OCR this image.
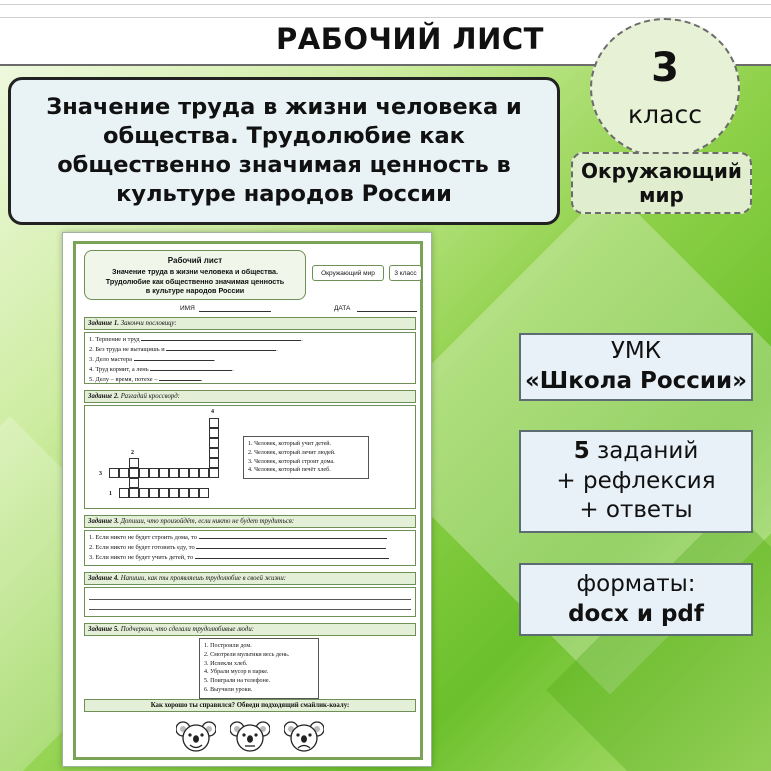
РАБОЧИЙ ЛИСТ
3
класс
Окружающий мир
Значение труда в жизни человека и общества. Трудолюбие как общественно значимая ценность в культуре народов России
УМК
«Школа России»
5 заданий
+ рефлексия
+ ответы
форматы:
docx и pdf
Рабочий лист
Значение труда в жизни человека и общества.
Трудолюбие как общественно значимая ценность
в культуре народов России
Окружающий мир	3 класс
ИМЯ	ДАТА
Задание 1. Закончи пословицу:
1. Терпение и труд	.
2. Без труда не вытащишь и	.
3. Дело мастера	.
4. Труд кормит, а лень	.
5. Делу – время, потехе –	.
Задание 2. Разгадай кроссворд:
4
2
3
1
1. Человек, который учит детей.
2. Человек, который лечит людей.
3. Человек, который строит дома.
4. Человек, который печёт хлеб.
Задание 3. Допиши, что произойдёт, если никто не будет трудиться:
1. Если никто не будет строить дома, то
2. Если никто не будет готовить еду, то
3. Если никто не будет учить детей, то
Задание 4. Напиши, как ты проявляешь трудолюбие в своей жизни:
Задание 5. Подчеркни, что сделали трудолюбивые люди:
1. Построили дом.
2. Смотрели мультики весь день.
3. Испекли хлеб.
4. Убрали мусор в парке.
5. Поиграли на телефоне.
6. Выучили уроки.
Как хорошо ты справился? Обведи подходящий смайлик-коалу:
